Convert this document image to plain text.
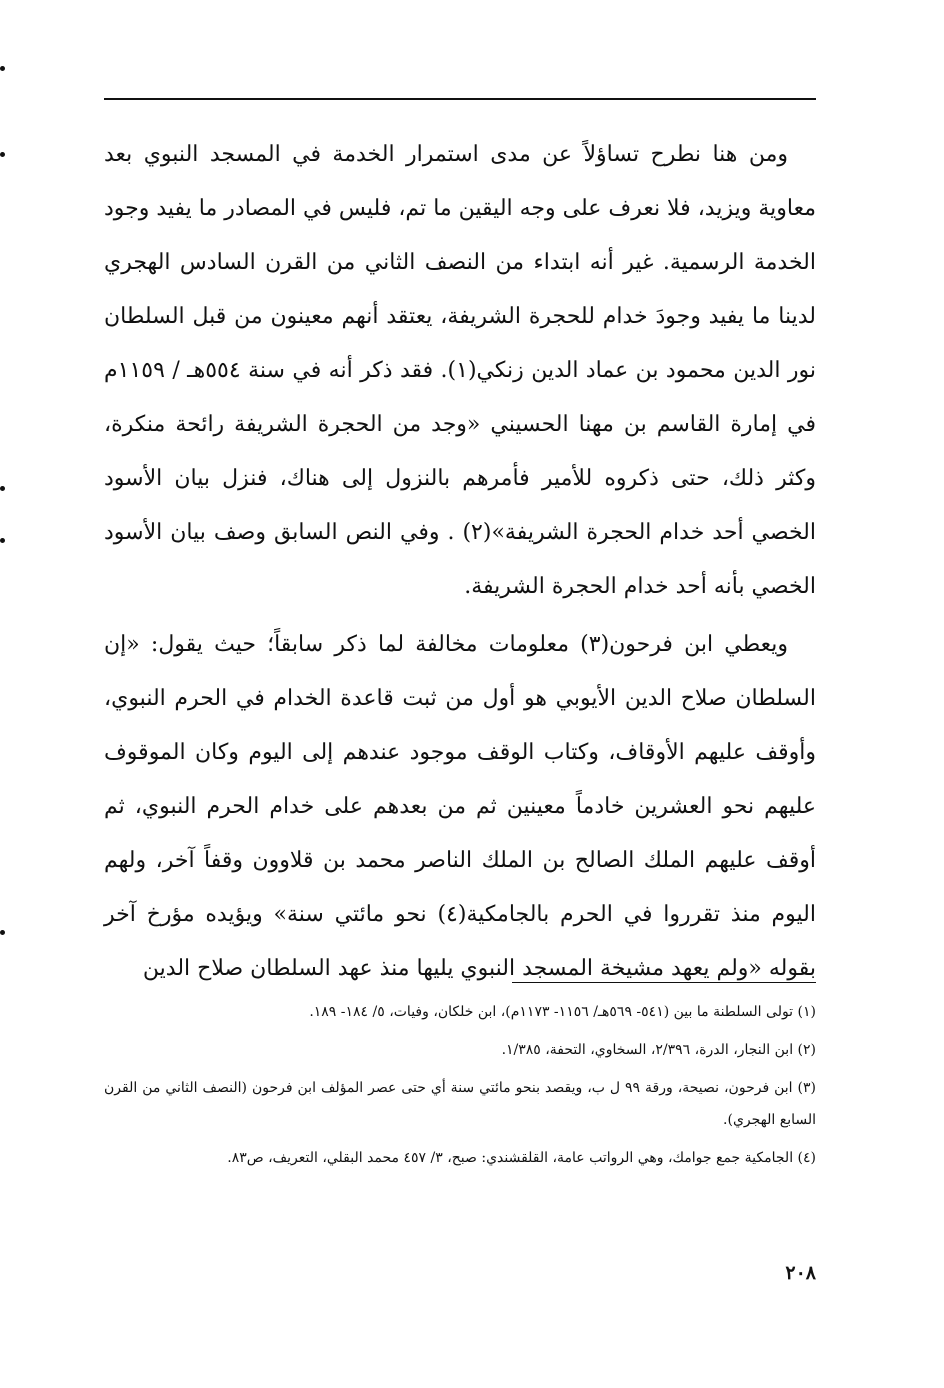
ومن هنا نطرح تساؤلاً عن مدى استمرار الخدمة في المسجد النبوي بعد معاوية ويزيد، فلا نعرف على وجه اليقين ما تم، فليس في المصادر ما يفيد وجود الخدمة الرسمية. غير أنه ابتداء من النصف الثاني من القرن السادس الهجري لدينا ما يفيد وجودَ خدام للحجرة الشريفة، يعتقد أنهم معينون من قبل السلطان نور الدين محمود بن عماد الدين زنكي(١). فقد ذكر أنه في سنة ٥٥٤هـ / ١١٥٩م في إمارة القاسم بن مهنا الحسيني «وجد من الحجرة الشريفة رائحة منكرة، وكثر ذلك، حتى ذكروه للأمير فأمرهم بالنزول إلى هناك، فنزل بيان الأسود الخصي أحد خدام الحجرة الشريفة»(٢) . وفي النص السابق وصف بيان الأسود الخصي بأنه أحد خدام الحجرة الشريفة.

ويعطي ابن فرحون(٣) معلومات مخالفة لما ذكر سابقاً؛ حيث يقول: «إن السلطان صلاح الدين الأيوبي هو أول من ثبت قاعدة الخدام في الحرم النبوي، وأوقف عليهم الأوقاف، وكتاب الوقف موجود عندهم إلى اليوم وكان الموقوف عليهم نحو العشرين خادماً معينين ثم من بعدهم على خدام الحرم النبوي، ثم أوقف عليهم الملك الصالح بن الملك الناصر محمد بن قلاوون وقفاً آخر، ولهم اليوم منذ تقرروا في الحرم بالجامكية(٤) نحو مائتي سنة» ويؤيده مؤرخ آخر بقوله «ولم يعهد مشيخة المسجد النبوي يليها منذ عهد السلطان صلاح الدين

(١) تولى السلطنة ما بين (٥٤١- ٥٦٩هـ/ ١١٥٦- ١١٧٣م)، ابن خلكان، وفيات، ٥/ ١٨٤- ١٨٩.

(٢) ابن النجار، الدرة، ٢/٣٩٦، السخاوي، التحفة، ١/٣٨٥.

(٣) ابن فرحون، نصيحة، ورقة ٩٩ ل ب، ويقصد بنحو مائتي سنة أي حتى عصر المؤلف ابن فرحون (النصف الثاني من القرن السابع الهجري).

(٤) الجامكية جمع جوامك، وهي الرواتب عامة، القلقشندي: صبح، ٣/ ٤٥٧ محمد البقلي، التعريف، ص٨٣.

٢٠٨
